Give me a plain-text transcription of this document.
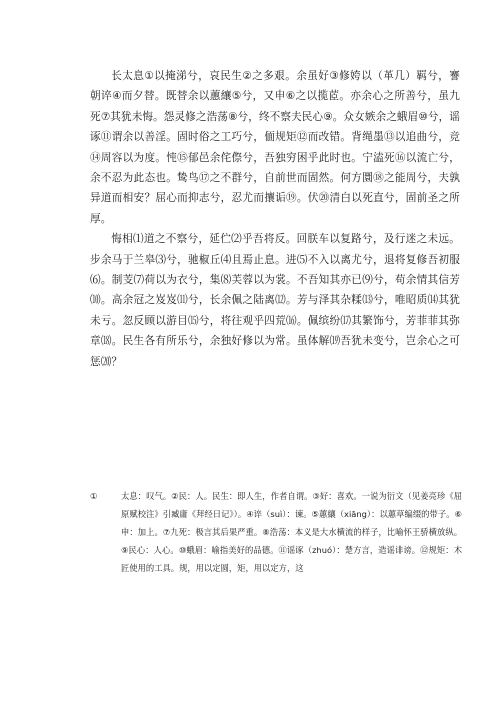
长太息①以掩涕兮，哀民生②之多艰。余虽好③修姱以（革几）羁兮，謇朝谇④而夕替。既替余以蕙纕⑤兮，又申⑥之以揽茝。亦余心之所善兮，虽九死⑦其犹未悔。怨灵修之浩荡⑧兮，终不察夫民心⑨。众女嫉余之蛾眉⑩兮，谣诼⑪谓余以善淫。固时俗之工巧兮，偭规矩⑫而改错。背绳墨⑬以追曲兮，竞⑭周容以为度。忳⑮郁邑余侘傺兮，吾独穷困乎此时也。宁溘死⑯以流亡兮，余不忍为此态也。鸷鸟⑰之不群兮，自前世而固然。何方圜⑱之能周兮，夫孰异道而相安？屈心而抑志兮，忍尤而攘诟⑲。伏⑳清白以死直兮，固前圣之所厚。

悔相⑴道之不察兮，延伫⑵乎吾将反。回朕车以复路兮，及行迷之未远。步余马于兰皋⑶兮，驰椒丘⑷且焉止息。进⑸不入以离尤兮，退将复修吾初服⑹。制芰⑺荷以为衣兮，集⑻芙蓉以为裳。不吾知其亦已⑼兮，苟余情其信芳⑽。高余冠之岌岌⑾兮，长余佩之陆离⑿。芳与泽其杂糅⒀兮，唯昭质⒁其犹未亏。忽反顾以游目⒂兮，将往观乎四荒⒃。佩缤纷⒄其繁饰兮，芳菲菲其弥章⒅。民生各有所乐兮，余独好修以为常。虽体解⒆吾犹未变兮，岂余心之可惩⒇？

①	太息：叹气。②民：人。民生：即人生，作者自谓。③好：喜欢。一说为衍文（见姜亮珍《屈原赋校注》引臧庸《拜经日记》）。④谇（suì）：谏。⑤蕙纕（xiāng）：以蕙草编缀的带子。⑥申：加上。⑦九死：极言其后果严重。⑧浩荡：本义是大水横流的样子，比喻怀王骄横放纵。⑨民心：人心。⑩蛾眉：喻指美好的品德。⑪谣诼（zhuó）：楚方言，造谣诽谤。⑫规矩：木匠使用的工具。规，用以定圆，矩，用以定方，这
